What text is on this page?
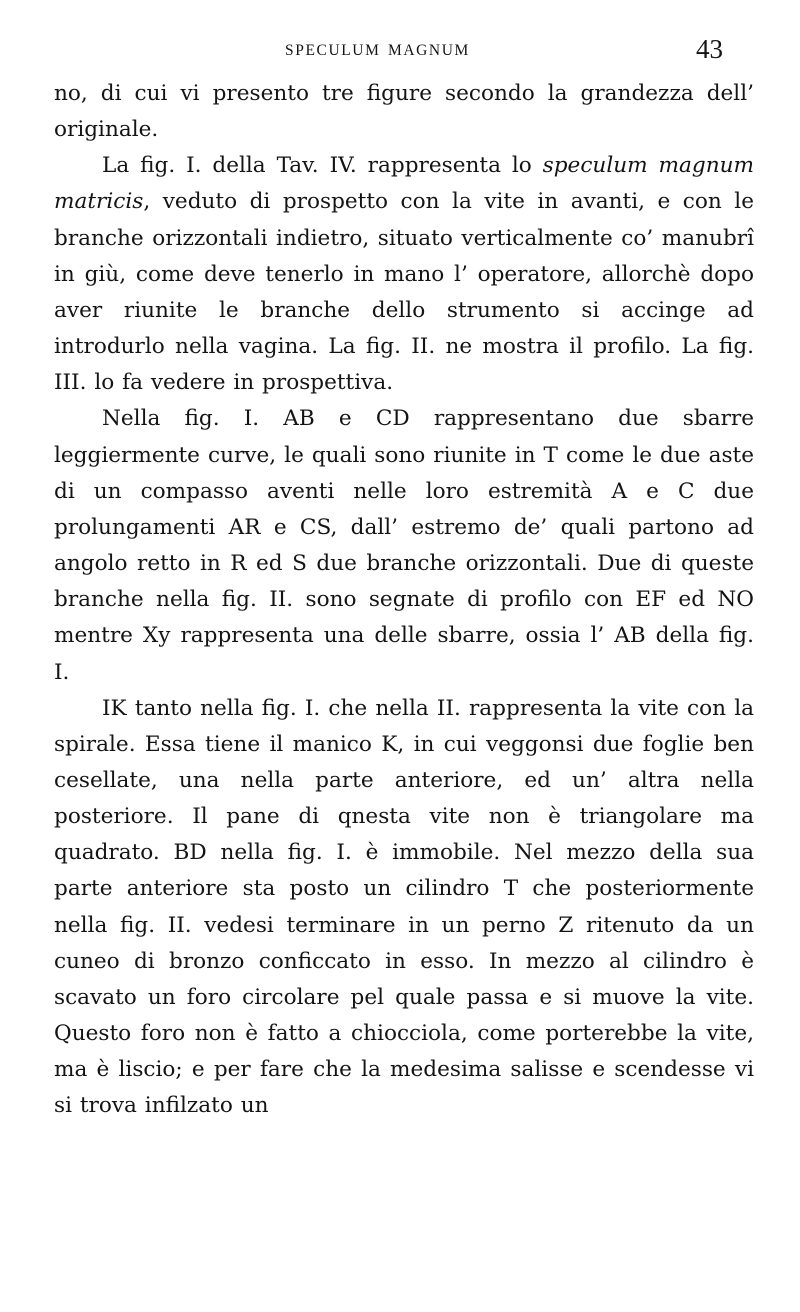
SPECULUM MAGNUM	43

no, di cui vi presento tre figure secondo la grandezza dell’ originale.

La fig. I. della Tav. IV. rappresenta lo speculum magnum matricis, veduto di prospetto con la vite in avanti, e con le branche orizzontali indietro, situato verticalmente co’ manubrî in giù, come deve tenerlo in mano l’ operatore, allorchè dopo aver riunite le branche dello strumento si accinge ad introdurlo nella vagina. La fig. II. ne mostra il profilo. La fig. III. lo fa vedere in prospettiva.

Nella fig. I. AB e CD rappresentano due sbarre leggiermente curve, le quali sono riunite in T come le due aste di un compasso aventi nelle loro estremità A e C due prolungamenti AR e CS, dall’ estremo de’ quali partono ad angolo retto in R ed S due branche orizzontali. Due di queste branche nella fig. II. sono segnate di profilo con EF ed NO mentre Xy rappresenta una delle sbarre, ossia l’ AB della fig. I.

IK tanto nella fig. I. che nella II. rappresenta la vite con la spirale. Essa tiene il manico K, in cui veggonsi due foglie ben cesellate, una nella parte anteriore, ed un’ altra nella posteriore. Il pane di qnesta vite non è triangolare ma quadrato. BD nella fig. I. è immobile. Nel mezzo della sua parte anteriore sta posto un cilindro T che posteriormente nella fig. II. vedesi terminare in un perno Z ritenuto da un cuneo di bronzo conficcato in esso. In mezzo al cilindro è scavato un foro circolare pel quale passa e si muove la vite. Questo foro non è fatto a chiocciola, come porterebbe la vite, ma è liscio; e per fare che la medesima salisse e scendesse vi si trova infilzato un
